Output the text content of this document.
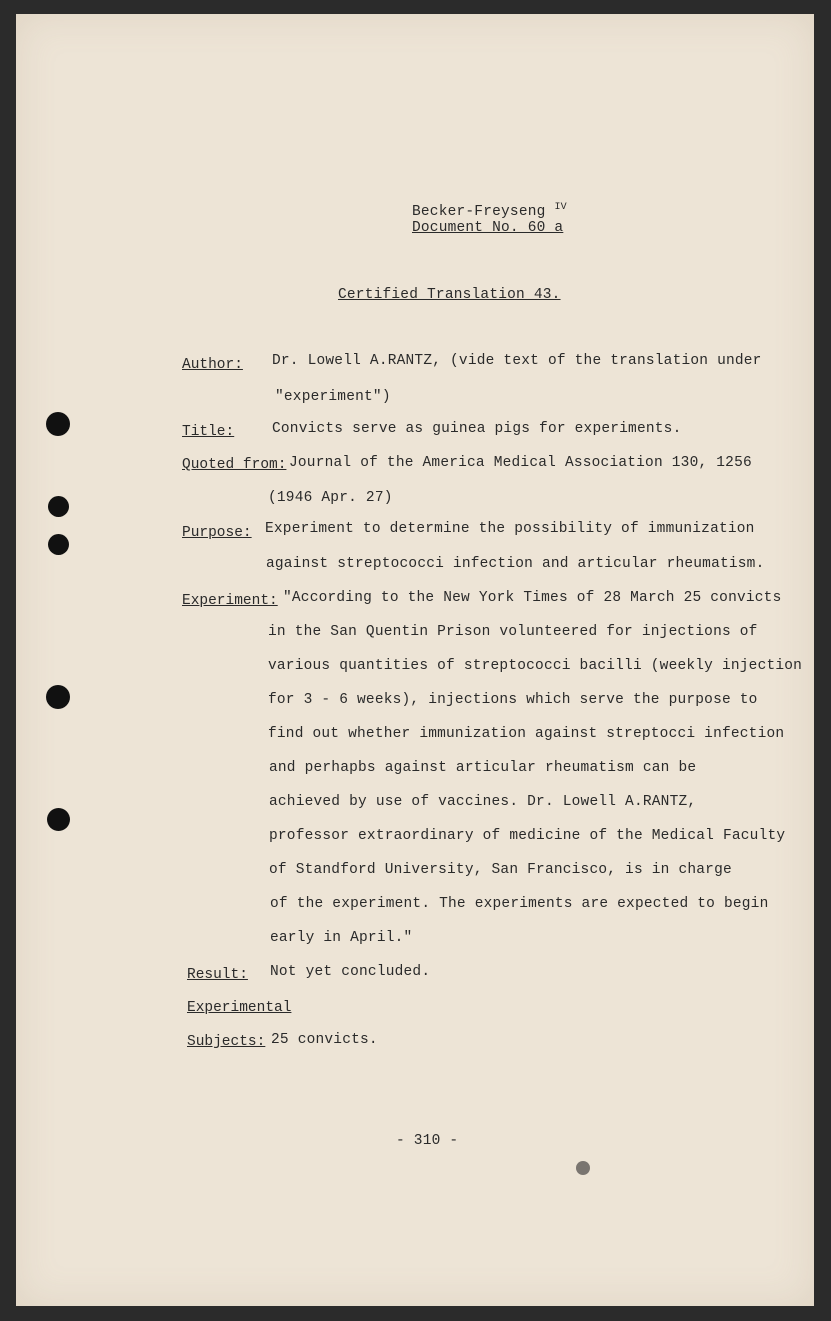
Becker-Freyseng $^{IV}$
Document No. 60 a
Certified Translation 43.
Author: Dr. Lowell A.RANTZ, (vide text of the translation under
"experiment")
Title:	Convicts serve as guinea pigs for experiments.
Quoted from: Journal of the America Medical Association 130, 1256
(1946 Apr. 27)
Purpose: Experiment to determine the possibility of immunization
against streptococci infection and articular rheumatism.
Experiment: "According to the New York Times of 28 March 25 convicts
in the San Quentin Prison volunteered for injections of
various quantities of streptococci bacilli (weekly injection
for 3 - 6 weeks), injections which serve the purpose to
find out whether immunization against streptocci infection
and perhapbs against articular rheumatism can be
achieved by use of vaccines. Dr. Lowell A.RANTZ,
professor extraordinary of medicine of the Medical Faculty
of Standford University, San Francisco, is in charge
of the experiment. The experiments are expected to begin
early in April."
Result: Not yet concluded.
Experimental
Subjects: 25 convicts.
- 310 -
